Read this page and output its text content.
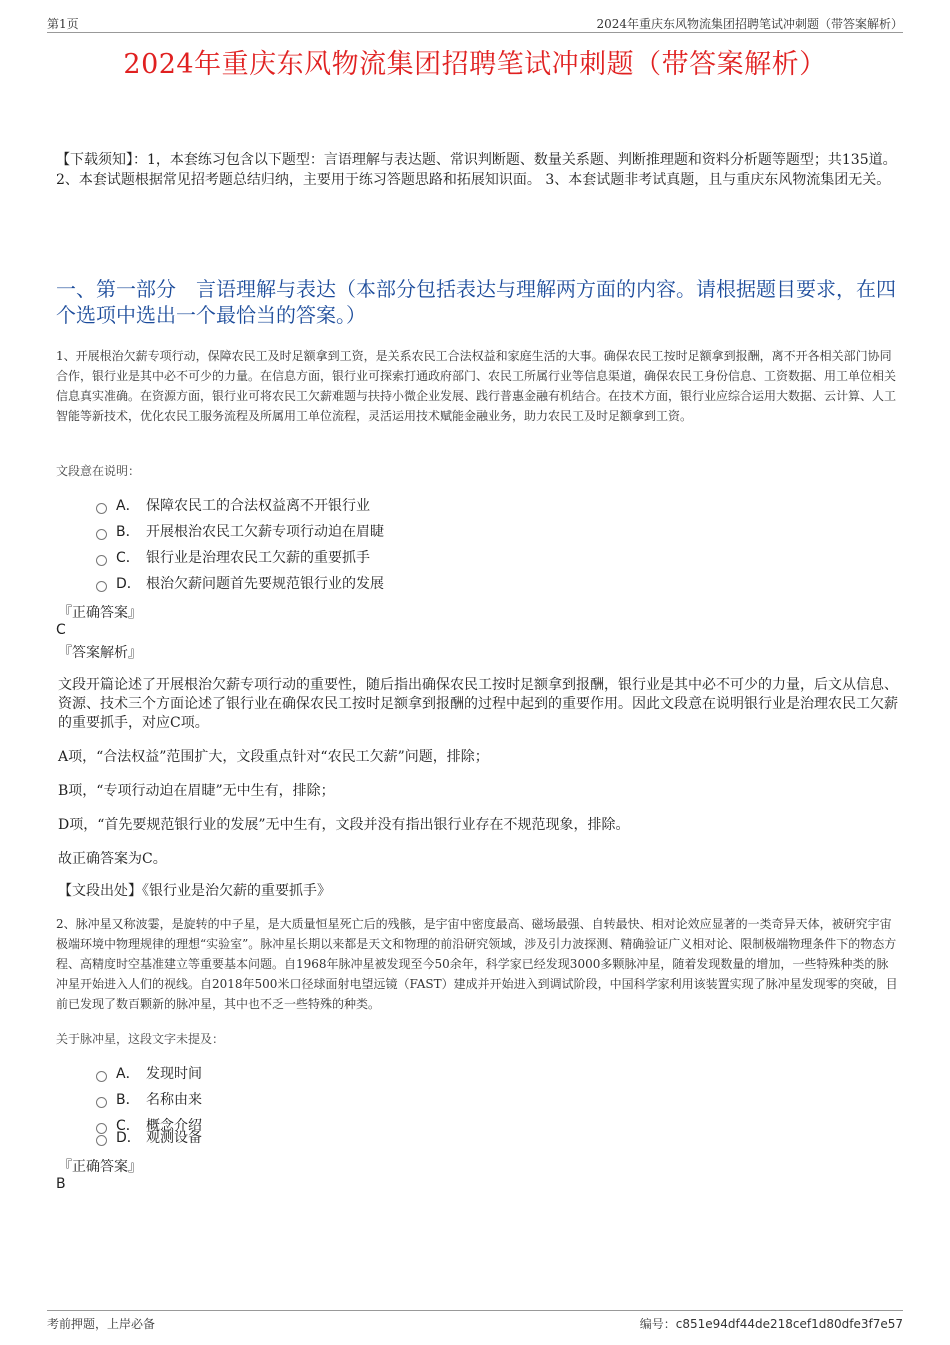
第1页	2024年重庆东风物流集团招聘笔试冲刺题（带答案解析）
2024年重庆东风物流集团招聘笔试冲刺题（带答案解析）
【下载须知】：1，本套练习包含以下题型：言语理解与表达题、常识判断题、数量关系题、判断推理题和资料分析题等题型；共135道。 2、本套试题根据常见招考题总结归纳，主要用于练习答题思路和拓展知识面。 3、本套试题非考试真题，且与重庆东风物流集团无关。
一、第一部分　言语理解与表达（本部分包括表达与理解两方面的内容。请根据题目要求，在四个选项中选出一个最恰当的答案。）
1、开展根治欠薪专项行动，保障农民工及时足额拿到工资，是关系农民工合法权益和家庭生活的大事。确保农民工按时足额拿到报酬，离不开各相关部门协同合作，银行业是其中必不可少的力量。在信息方面，银行业可探索打通政府部门、农民工所属行业等信息渠道，确保农民工身份信息、工资数据、用工单位相关信息真实准确。在资源方面，银行业可将农民工欠薪难题与扶持小微企业发展、践行普惠金融有机结合。在技术方面，银行业应综合运用大数据、云计算、人工智能等新技术，优化农民工服务流程及所属用工单位流程，灵活运用技术赋能金融业务，助力农民工及时足额拿到工资。
文段意在说明：
A． 保障农民工的合法权益离不开银行业
B． 开展根治农民工欠薪专项行动迫在眉睫
C． 银行业是治理农民工欠薪的重要抓手
D． 根治欠薪问题首先要规范银行业的发展
『正确答案』
C
『答案解析』
文段开篇论述了开展根治欠薪专项行动的重要性，随后指出确保农民工按时足额拿到报酬，银行业是其中必不可少的力量，后文从信息、资源、技术三个方面论述了银行业在确保农民工按时足额拿到报酬的过程中起到的重要作用。因此文段意在说明银行业是治理农民工欠薪的重要抓手，对应C项。
A项，“合法权益”范围扩大，文段重点针对“农民工欠薪”问题，排除；
B项，“专项行动迫在眉睫”无中生有，排除；
D项，“首先要规范银行业的发展”无中生有，文段并没有指出银行业存在不规范现象，排除。
故正确答案为C。
【文段出处】《银行业是治欠薪的重要抓手》
2、脉冲星又称波霎，是旋转的中子星，是大质量恒星死亡后的残骸，是宇宙中密度最高、磁场最强、自转最快、相对论效应显著的一类奇异天体，被研究宇宙极端环境中物理规律的理想“实验室”。脉冲星长期以来都是天文和物理的前沿研究领域，涉及引力波探测、精确验证广义相对论、限制极端物理条件下的物态方程、高精度时空基准建立等重要基本问题。自1968年脉冲星被发现至今50余年，科学家已经发现3000多颗脉冲星，随着发现数量的增加，一些特殊种类的脉冲星开始进入人们的视线。自2018年500米口径球面射电望远镜（FAST）建成并开始进入到调试阶段，中国科学家利用该装置实现了脉冲星发现零的突破，目前已发现了数百颗新的脉冲星，其中也不乏一些特殊的种类。
关于脉冲星，这段文字未提及：
A． 发现时间
B． 名称由来
C． 概念介绍
D． 观测设备
『正确答案』
B
考前押题，上岸必备	编号：c851e94df44de218cef1d80dfe3f7e57
